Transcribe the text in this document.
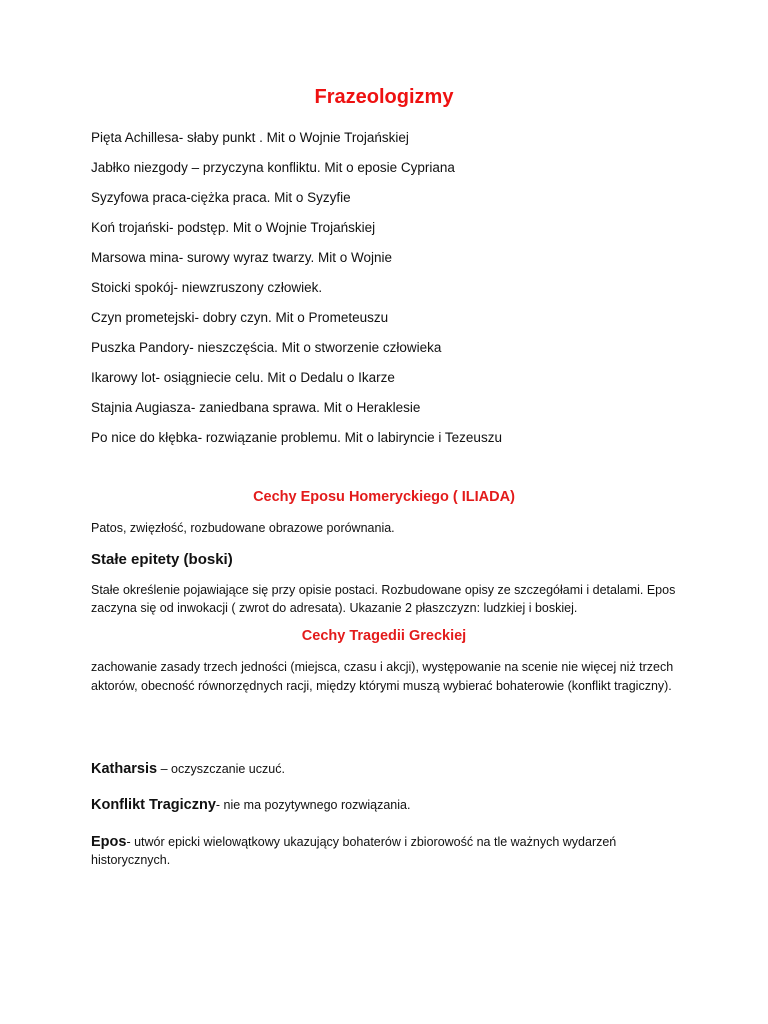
Frazeologizmy
Pięta Achillesa- słaby punkt . Mit o Wojnie Trojańskiej
Jabłko niezgody – przyczyna konfliktu. Mit o eposie Cypriana
Syzyfowa praca-ciężka praca. Mit o Syzyfie
Koń trojański- podstęp. Mit o Wojnie Trojańskiej
Marsowa mina- surowy wyraz twarzy. Mit o Wojnie
Stoicki spokój- niewzruszony człowiek.
Czyn prometejski- dobry czyn. Mit o Prometeuszu
Puszka Pandory- nieszczęścia. Mit o stworzenie człowieka
Ikarowy lot- osiągniecie celu. Mit o Dedalu o Ikarze
Stajnia Augiasza- zaniedbana sprawa. Mit o Heraklesie
Po nice do kłębka- rozwiązanie problemu. Mit o labiryncie i Tezeuszu
Cechy Eposu Homeryckiego ( ILIADA)
Patos, zwięzłość, rozbudowane obrazowe porównania.
Stałe epitety (boski)
Stałe określenie pojawiające się przy opisie postaci. Rozbudowane opisy ze szczegółami i detalami. Epos zaczyna się od inwokacji ( zwrot do adresata). Ukazanie 2 płaszczyzn: ludzkiej i boskiej.
Cechy Tragedii Greckiej
zachowanie zasady trzech jedności (miejsca, czasu i akcji), występowanie na scenie nie więcej niż trzech aktorów, obecność równorzędnych racji, między którymi muszą wybierać bohaterowie (konflikt tragiczny).
Katharsis – oczyszczanie uczuć.
Konflikt Tragiczny- nie ma pozytywnego rozwiązania.
Epos- utwór epicki wielowątkowy ukazujący bohaterów i zbiorowość na tle ważnych wydarzeń historycznych.
